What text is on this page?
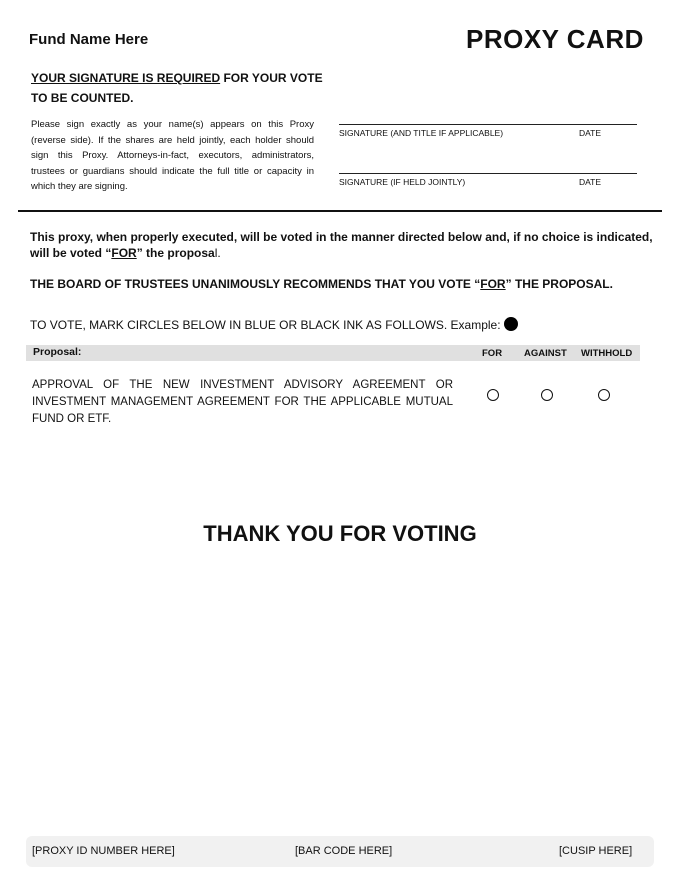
Fund Name Here	PROXY CARD
YOUR SIGNATURE IS REQUIRED FOR YOUR VOTE TO BE COUNTED.
Please sign exactly as your name(s) appears on this Proxy (reverse side). If the shares are held jointly, each holder should sign this Proxy. Attorneys-in-fact, executors, administrators, trustees or guardians should indicate the full title or capacity in which they are signing.
SIGNATURE (AND TITLE IF APPLICABLE)	DATE
SIGNATURE (IF HELD JOINTLY)	DATE
This proxy, when properly executed, will be voted in the manner directed below and, if no choice is indicated, will be voted “FOR” the proposal.
THE BOARD OF TRUSTEES UNANIMOUSLY RECOMMENDS THAT YOU VOTE “FOR” THE PROPOSAL.
TO VOTE, MARK CIRCLES BELOW IN BLUE OR BLACK INK AS FOLLOWS. Example:
Proposal:	FOR AGAINST WITHHOLD
APPROVAL OF THE NEW INVESTMENT ADVISORY AGREEMENT OR INVESTMENT MANAGEMENT AGREEMENT FOR THE APPLICABLE MUTUAL FUND OR ETF.
THANK YOU FOR VOTING
[PROXY ID NUMBER HERE]	[BAR CODE HERE]	[CUSIP HERE]
